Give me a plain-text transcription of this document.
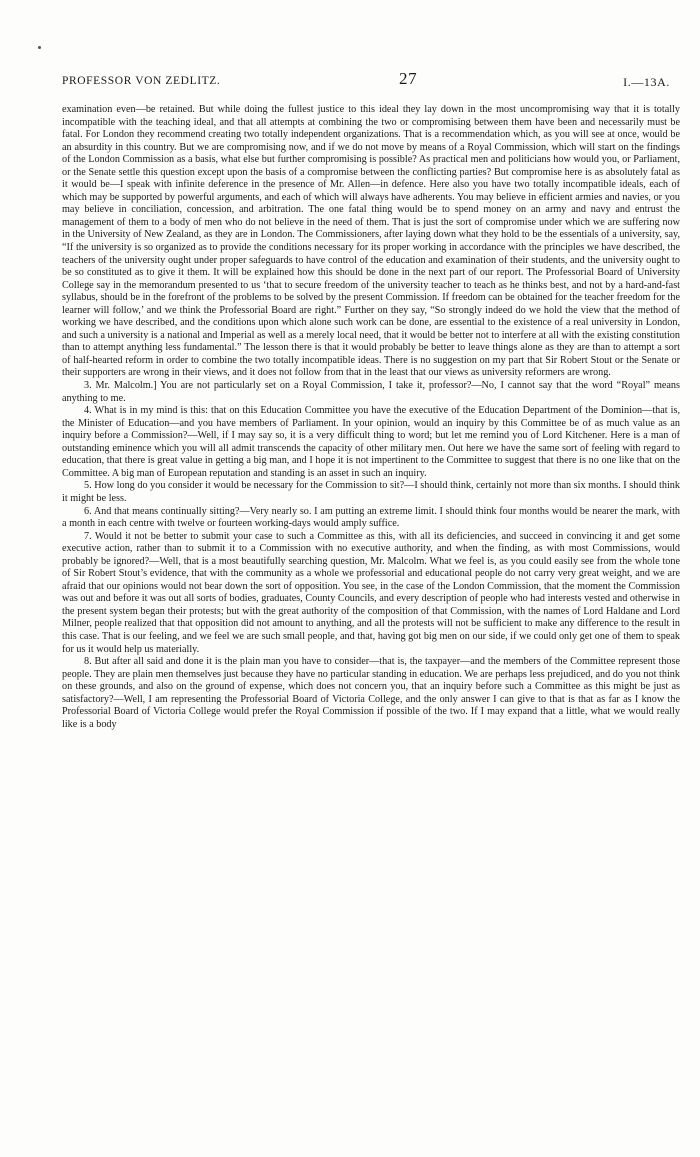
PROFESSOR VON ZEDLITZ.	27	I.—13A.

examination even—be retained. But while doing the fullest justice to this ideal they lay down in the most uncompromising way that it is totally incompatible with the teaching ideal, and that all attempts at combining the two or compromising between them have been and necessarily must be fatal. For London they recommend creating two totally independent organizations. That is a recommendation which, as you will see at once, would be an absurdity in this country. But we are compromising now, and if we do not move by means of a Royal Commission, which will start on the findings of the London Commission as a basis, what else but further compromising is possible? As practical men and politicians how would you, or Parliament, or the Senate settle this question except upon the basis of a compromise between the conflicting parties? But compromise here is as absolutely fatal as it would be—I speak with infinite deference in the presence of Mr. Allen—in defence. Here also you have two totally incompatible ideals, each of which may be supported by powerful arguments, and each of which will always have adherents. You may believe in efficient armies and navies, or you may believe in conciliation, concession, and arbitration. The one fatal thing would be to spend money on an army and navy and entrust the management of them to a body of men who do not believe in the need of them. That is just the sort of compromise under which we are suffering now in the University of New Zealand, as they are in London. The Commissioners, after laying down what they hold to be the essentials of a university, say, “If the university is so organized as to provide the conditions necessary for its proper working in accordance with the principles we have described, the teachers of the university ought under proper safeguards to have control of the education and examination of their students, and the university ought to be so constituted as to give it them. It will be explained how this should be done in the next part of our report. The Professorial Board of University College say in the memorandum presented to us ‘that to secure freedom of the university teacher to teach as he thinks best, and not by a hard-and-fast syllabus, should be in the forefront of the problems to be solved by the present Commission. If freedom can be obtained for the teacher freedom for the learner will follow,’ and we think the Professorial Board are right.” Further on they say, “So strongly indeed do we hold the view that the method of working we have described, and the conditions upon which alone such work can be done, are essential to the existence of a real university in London, and such a university is a national and Imperial as well as a merely local need, that it would be better not to interfere at all with the existing constitution than to attempt anything less fundamental.” The lesson there is that it would probably be better to leave things alone as they are than to attempt a sort of half-hearted reform in order to combine the two totally incompatible ideas. There is no suggestion on my part that Sir Robert Stout or the Senate or their supporters are wrong in their views, and it does not follow from that in the least that our views as university reformers are wrong.

3. Mr. Malcolm.] You are not particularly set on a Royal Commission, I take it, professor?—No, I cannot say that the word “Royal” means anything to me.

4. What is in my mind is this: that on this Education Committee you have the executive of the Education Department of the Dominion—that is, the Minister of Education—and you have members of Parliament. In your opinion, would an inquiry by this Committee be of as much value as an inquiry before a Commission?—Well, if I may say so, it is a very difficult thing to word; but let me remind you of Lord Kitchener. Here is a man of outstanding eminence which you will all admit transcends the capacity of other military men. Out here we have the same sort of feeling with regard to education, that there is great value in getting a big man, and I hope it is not impertinent to the Committee to suggest that there is no one like that on the Committee. A big man of European reputation and standing is an asset in such an inquiry.

5. How long do you consider it would be necessary for the Commission to sit?—I should think, certainly not more than six months. I should think it might be less.

6. And that means continually sitting?—Very nearly so. I am putting an extreme limit. I should think four months would be nearer the mark, with a month in each centre with twelve or fourteen working-days would amply suffice.

7. Would it not be better to submit your case to such a Committee as this, with all its deficiencies, and succeed in convincing it and get some executive action, rather than to submit it to a Commission with no executive authority, and when the finding, as with most Commissions, would probably be ignored?—Well, that is a most beautifully searching question, Mr. Malcolm. What we feel is, as you could easily see from the whole tone of Sir Robert Stout’s evidence, that with the community as a whole we professorial and educational people do not carry very great weight, and we are afraid that our opinions would not bear down the sort of opposition. You see, in the case of the London Commission, that the moment the Commission was out and before it was out all sorts of bodies, graduates, County Councils, and every description of people who had interests vested and otherwise in the present system began their protests; but with the great authority of the composition of that Commission, with the names of Lord Haldane and Lord Milner, people realized that that opposition did not amount to anything, and all the protests will not be sufficient to make any difference to the result in this case. That is our feeling, and we feel we are such small people, and that, having got big men on our side, if we could only get one of them to speak for us it would help us materially.

8. But after all said and done it is the plain man you have to consider—that is, the taxpayer—and the members of the Committee represent those people. They are plain men themselves just because they have no particular standing in education. We are perhaps less prejudiced, and do you not think on these grounds, and also on the ground of expense, which does not concern you, that an inquiry before such a Committee as this might be just as satisfactory?—Well, I am representing the Professorial Board of Victoria College, and the only answer I can give to that is that as far as I know the Professorial Board of Victoria College would prefer the Royal Commission if possible of the two. If I may expand that a little, what we would really like is a body
